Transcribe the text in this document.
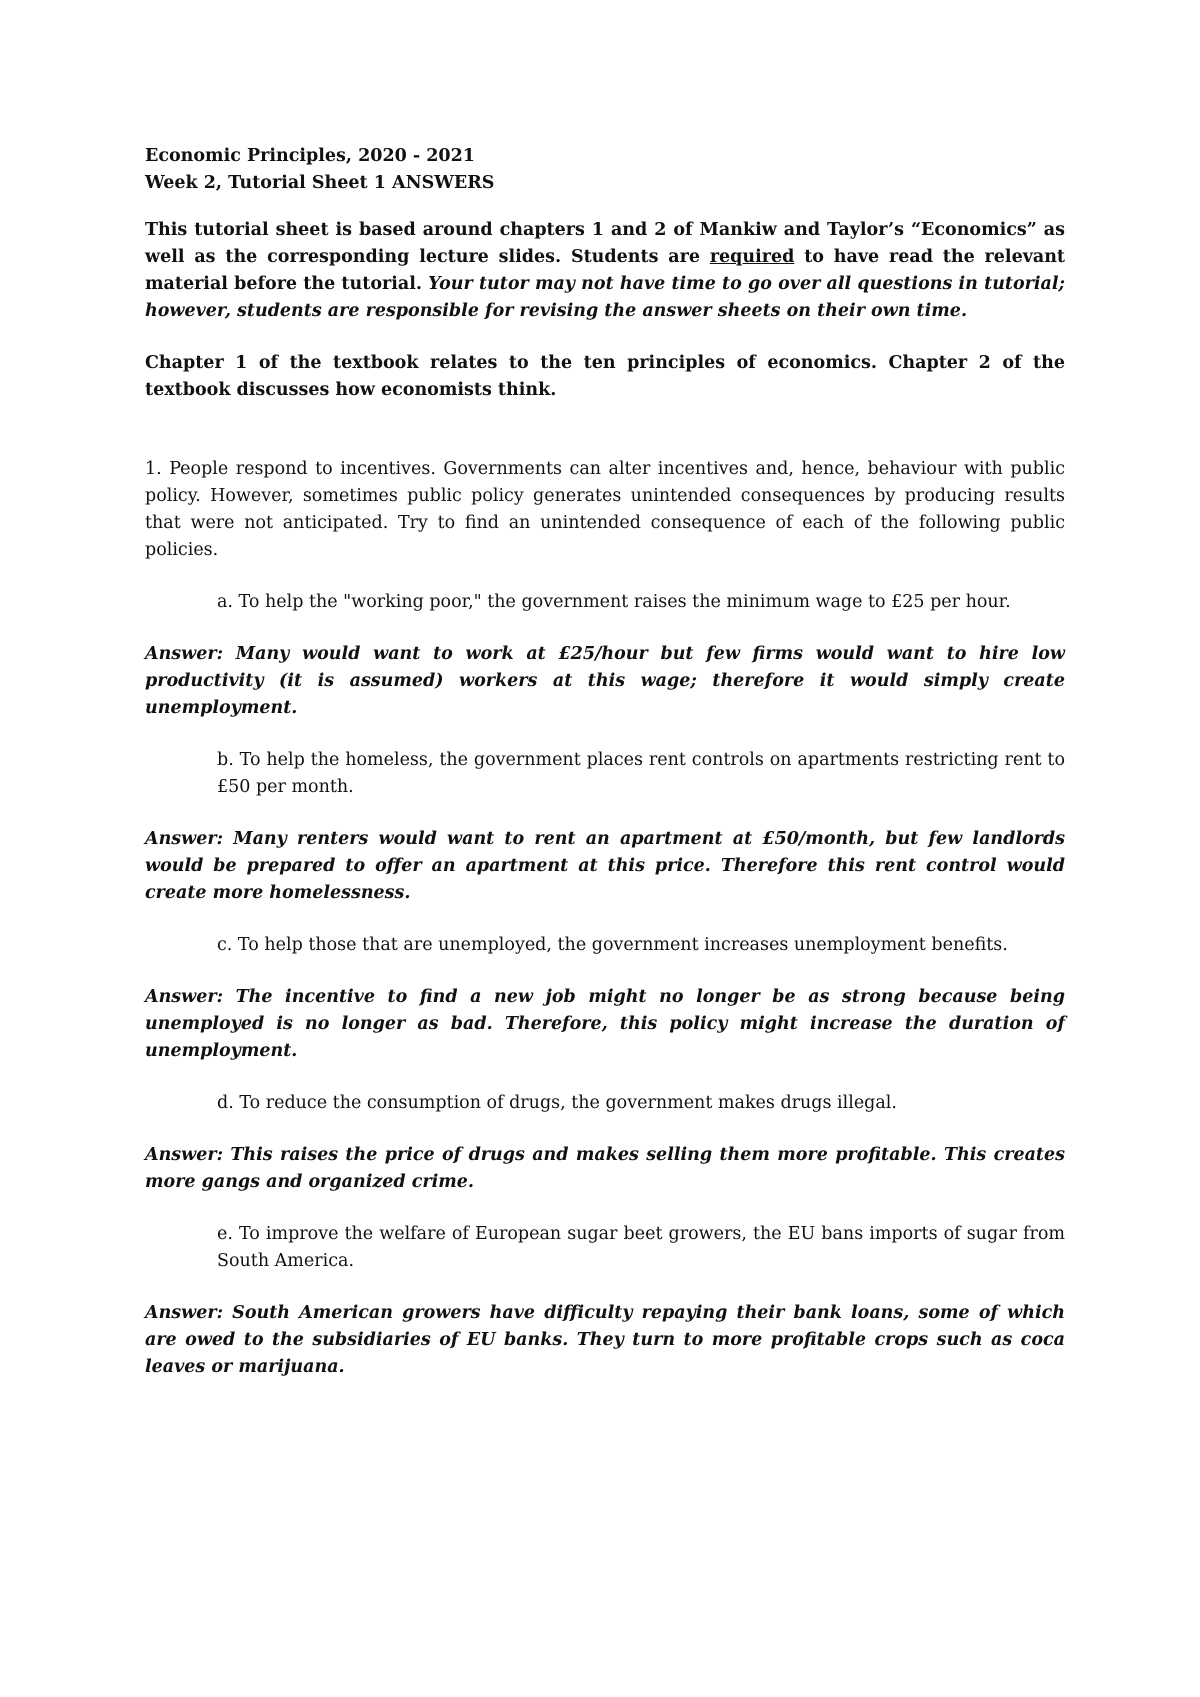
Economic Principles, 2020 - 2021

Week 2, Tutorial Sheet 1 ANSWERS

This tutorial sheet is based around chapters 1 and 2 of Mankiw and Taylor’s “Economics” as well as the corresponding lecture slides. Students are required to have read the relevant material before the tutorial. Your tutor may not have time to go over all questions in tutorial; however, students are responsible for revising the answer sheets on their own time.

Chapter 1 of the textbook relates to the ten principles of economics. Chapter 2 of the textbook discusses how economists think.

1. People respond to incentives. Governments can alter incentives and, hence, behaviour with public policy. However, sometimes public policy generates unintended consequences by producing results that were not anticipated. Try to find an unintended consequence of each of the following public policies.

a. To help the "working poor," the government raises the minimum wage to £25 per hour.

Answer: Many would want to work at £25/hour but few firms would want to hire low productivity (it is assumed) workers at this wage; therefore it would simply create unemployment.

b. To help the homeless, the government places rent controls on apartments restricting rent to £50 per month.

Answer: Many renters would want to rent an apartment at £50/month, but few landlords would be prepared to offer an apartment at this price. Therefore this rent control would create more homelessness.

c. To help those that are unemployed, the government increases unemployment benefits.

Answer: The incentive to find a new job might no longer be as strong because being unemployed is no longer as bad. Therefore, this policy might increase the duration of unemployment.

d. To reduce the consumption of drugs, the government makes drugs illegal.

Answer: This raises the price of drugs and makes selling them more profitable. This creates more gangs and organized crime.

e. To improve the welfare of European sugar beet growers, the EU bans imports of sugar from South America.

Answer: South American growers have difficulty repaying their bank loans, some of which are owed to the subsidiaries of EU banks. They turn to more profitable crops such as coca leaves or marijuana.
